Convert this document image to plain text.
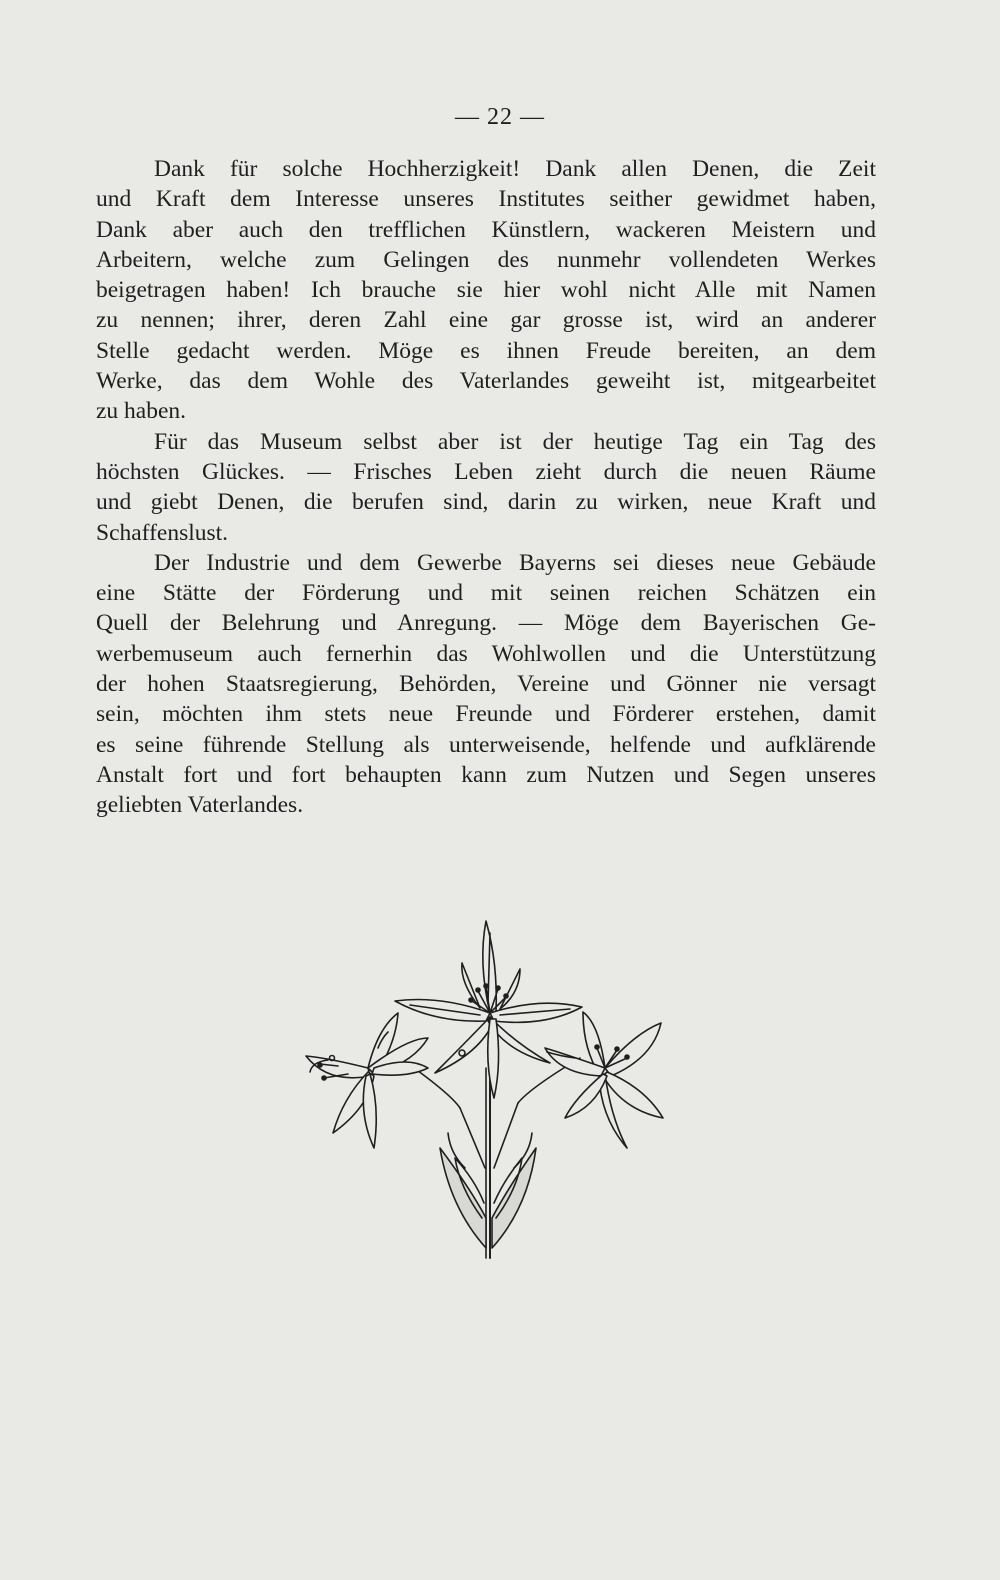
— 22 —
Dank für solche Hochherzigkeit! Dank allen Denen, die Zeit
und Kraft dem Interesse unseres Institutes seither gewidmet haben,
Dank aber auch den trefflichen Künstlern, wackeren Meistern und
Arbeitern, welche zum Gelingen des nunmehr vollendeten Werkes
beigetragen haben! Ich brauche sie hier wohl nicht Alle mit Namen
zu nennen; ihrer, deren Zahl eine gar grosse ist, wird an anderer
Stelle gedacht werden. Möge es ihnen Freude bereiten, an dem
Werke, das dem Wohle des Vaterlandes geweiht ist, mitgearbeitet
zu haben.
Für das Museum selbst aber ist der heutige Tag ein Tag des
höchsten Glückes. — Frisches Leben zieht durch die neuen Räume
und giebt Denen, die berufen sind, darin zu wirken, neue Kraft und
Schaffenslust.
Der Industrie und dem Gewerbe Bayerns sei dieses neue Gebäude
eine Stätte der Förderung und mit seinen reichen Schätzen ein
Quell der Belehrung und Anregung. — Möge dem Bayerischen Ge-
werbemuseum auch fernerhin das Wohlwollen und die Unterstützung
der hohen Staatsregierung, Behörden, Vereine und Gönner nie versagt
sein, möchten ihm stets neue Freunde und Förderer erstehen, damit
es seine führende Stellung als unterweisende, helfende und aufklärende
Anstalt fort und fort behaupten kann zum Nutzen und Segen unseres
geliebten Vaterlandes.
